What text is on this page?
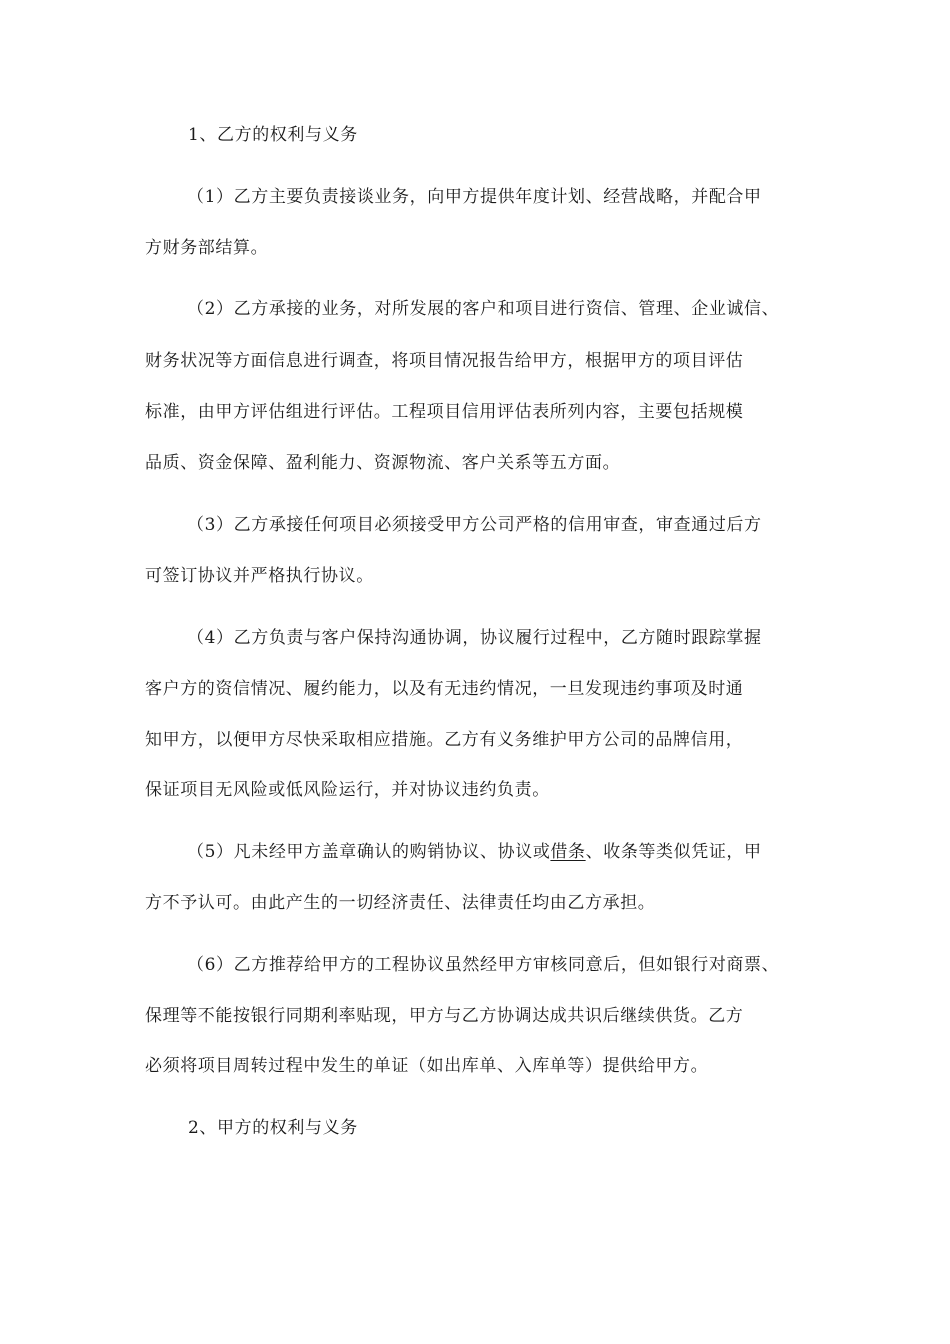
1、乙方的权利与义务
（1）乙方主要负责接谈业务，向甲方提供年度计划、经营战略，并配合甲
方财务部结算。
（2）乙方承接的业务，对所发展的客户和项目进行资信、管理、企业诚信、
财务状况等方面信息进行调查，将项目情况报告给甲方，根据甲方的项目评估
标准，由甲方评估组进行评估。工程项目信用评估表所列内容，主要包括规模
品质、资金保障、盈利能力、资源物流、客户关系等五方面。
（3）乙方承接任何项目必须接受甲方公司严格的信用审查，审查通过后方
可签订协议并严格执行协议。
（4）乙方负责与客户保持沟通协调，协议履行过程中，乙方随时跟踪掌握
客户方的资信情况、履约能力，以及有无违约情况，一旦发现违约事项及时通
知甲方，以便甲方尽快采取相应措施。乙方有义务维护甲方公司的品牌信用，
保证项目无风险或低风险运行，并对协议违约负责。
（5）凡未经甲方盖章确认的购销协议、协议或借条、收条等类似凭证，甲
方不予认可。由此产生的一切经济责任、法律责任均由乙方承担。
（6）乙方推荐给甲方的工程协议虽然经甲方审核同意后，但如银行对商票、
保理等不能按银行同期利率贴现，甲方与乙方协调达成共识后继续供货。乙方
必须将项目周转过程中发生的单证（如出库单、入库单等）提供给甲方。
2、甲方的权利与义务
